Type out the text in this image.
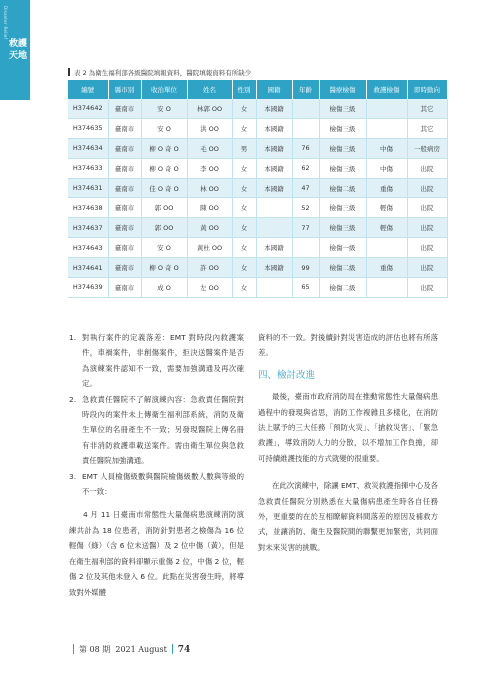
Disaster Relief
救護
天地
表 2 為衛生福利部各級醫院填報資料，醫院填報資料有所缺少
編號	縣市別	收治單位	姓名	性別	國籍	年齡	醫療檢傷	救護檢傷	即時動向
H374642	臺南市	安 O	林郭 OO	女	本國籍		檢傷三級		其它
H374635	臺南市	安 O	洪 OO	女	本國籍		檢傷三級		其它
H374634	臺南市	柳 O 奇 O	毛 OO	男	本國籍	76	檢傷三級	中傷	一般病房
H374633	臺南市	柳 O 奇 O	李 OO	女	本國籍	62	檢傷三級	中傷	出院
H374631	臺南市	佳 O 奇 O	林 OO	女	本國籍	47	檢傷二級	重傷	出院
H374638	臺南市	郭 OO	陳 OO	女		52	檢傷三級	輕傷	出院
H374637	臺南市	郭 OO	黃 OO	女		77	檢傷三級	輕傷	出院
H374643	臺南市	安 O	黃杜 OO	女	本國籍		檢傷一級		出院
H374641	臺南市	柳 O 奇 O	許 OO	女	本國籍	99	檢傷二級	重傷	出院
H374639	臺南市	成 O	左 OO	女		65	檢傷二級		出院
1. 對執行案件的定義落差：EMT 對時段內救護案件，車禍案件，非創傷案件，拒決送醫案件是否為演練案件認知不一致，需要加強溝通及再次確定。
2. 急救責任醫院不了解演練內容：急救責任醫院對時段內的案件未上傳衛生福利部系統，消防及衛生單位的名冊產生不一致；另發現醫院上傳名冊有非消防救護車載送案件。需由衛生單位與急救責任醫院加強溝通。
3. EMT 人員檢傷級數與醫院檢傷級數人數與等級的不一致：

4 月 11 日臺南市常態性大量傷病患演練消防演練共計為 18 位患者，消防針對患者之檢傷為 16 位輕傷（綠）（含 6 位未送醫）及 2 位中傷（黃），但是在衛生福利部的資料卻顯示重傷 2 位，中傷 2 位，輕傷 2 位及其他未登入 6 位。此點在災害發生時，將導致對外媒體

資料的不一致。對後續針對災害造成的評估也將有所落差。

四、檢討改進

最後，臺南市政府消防局在推動常態性大量傷病患過程中的發現與省思，消防工作複雜且多樣化，在消防法上賦予的三大任務「預防火災」、「搶救災害」、「緊急救護」，導致消防人力的分散，以不增加工作負擔，卻可持續維護技能的方式就變的很重要。

在此次演練中，除讓 EMT、救災救護指揮中心及各急救責任醫院分別熟悉在大量傷病患產生時各自任務外，更重要的在於互相瞭解資料間落差的原因及補救方式，並讓消防、衛生及醫院間的聯繫更加緊密，共同面對未來災害的挑戰。

第 08 期 2021 August 74
